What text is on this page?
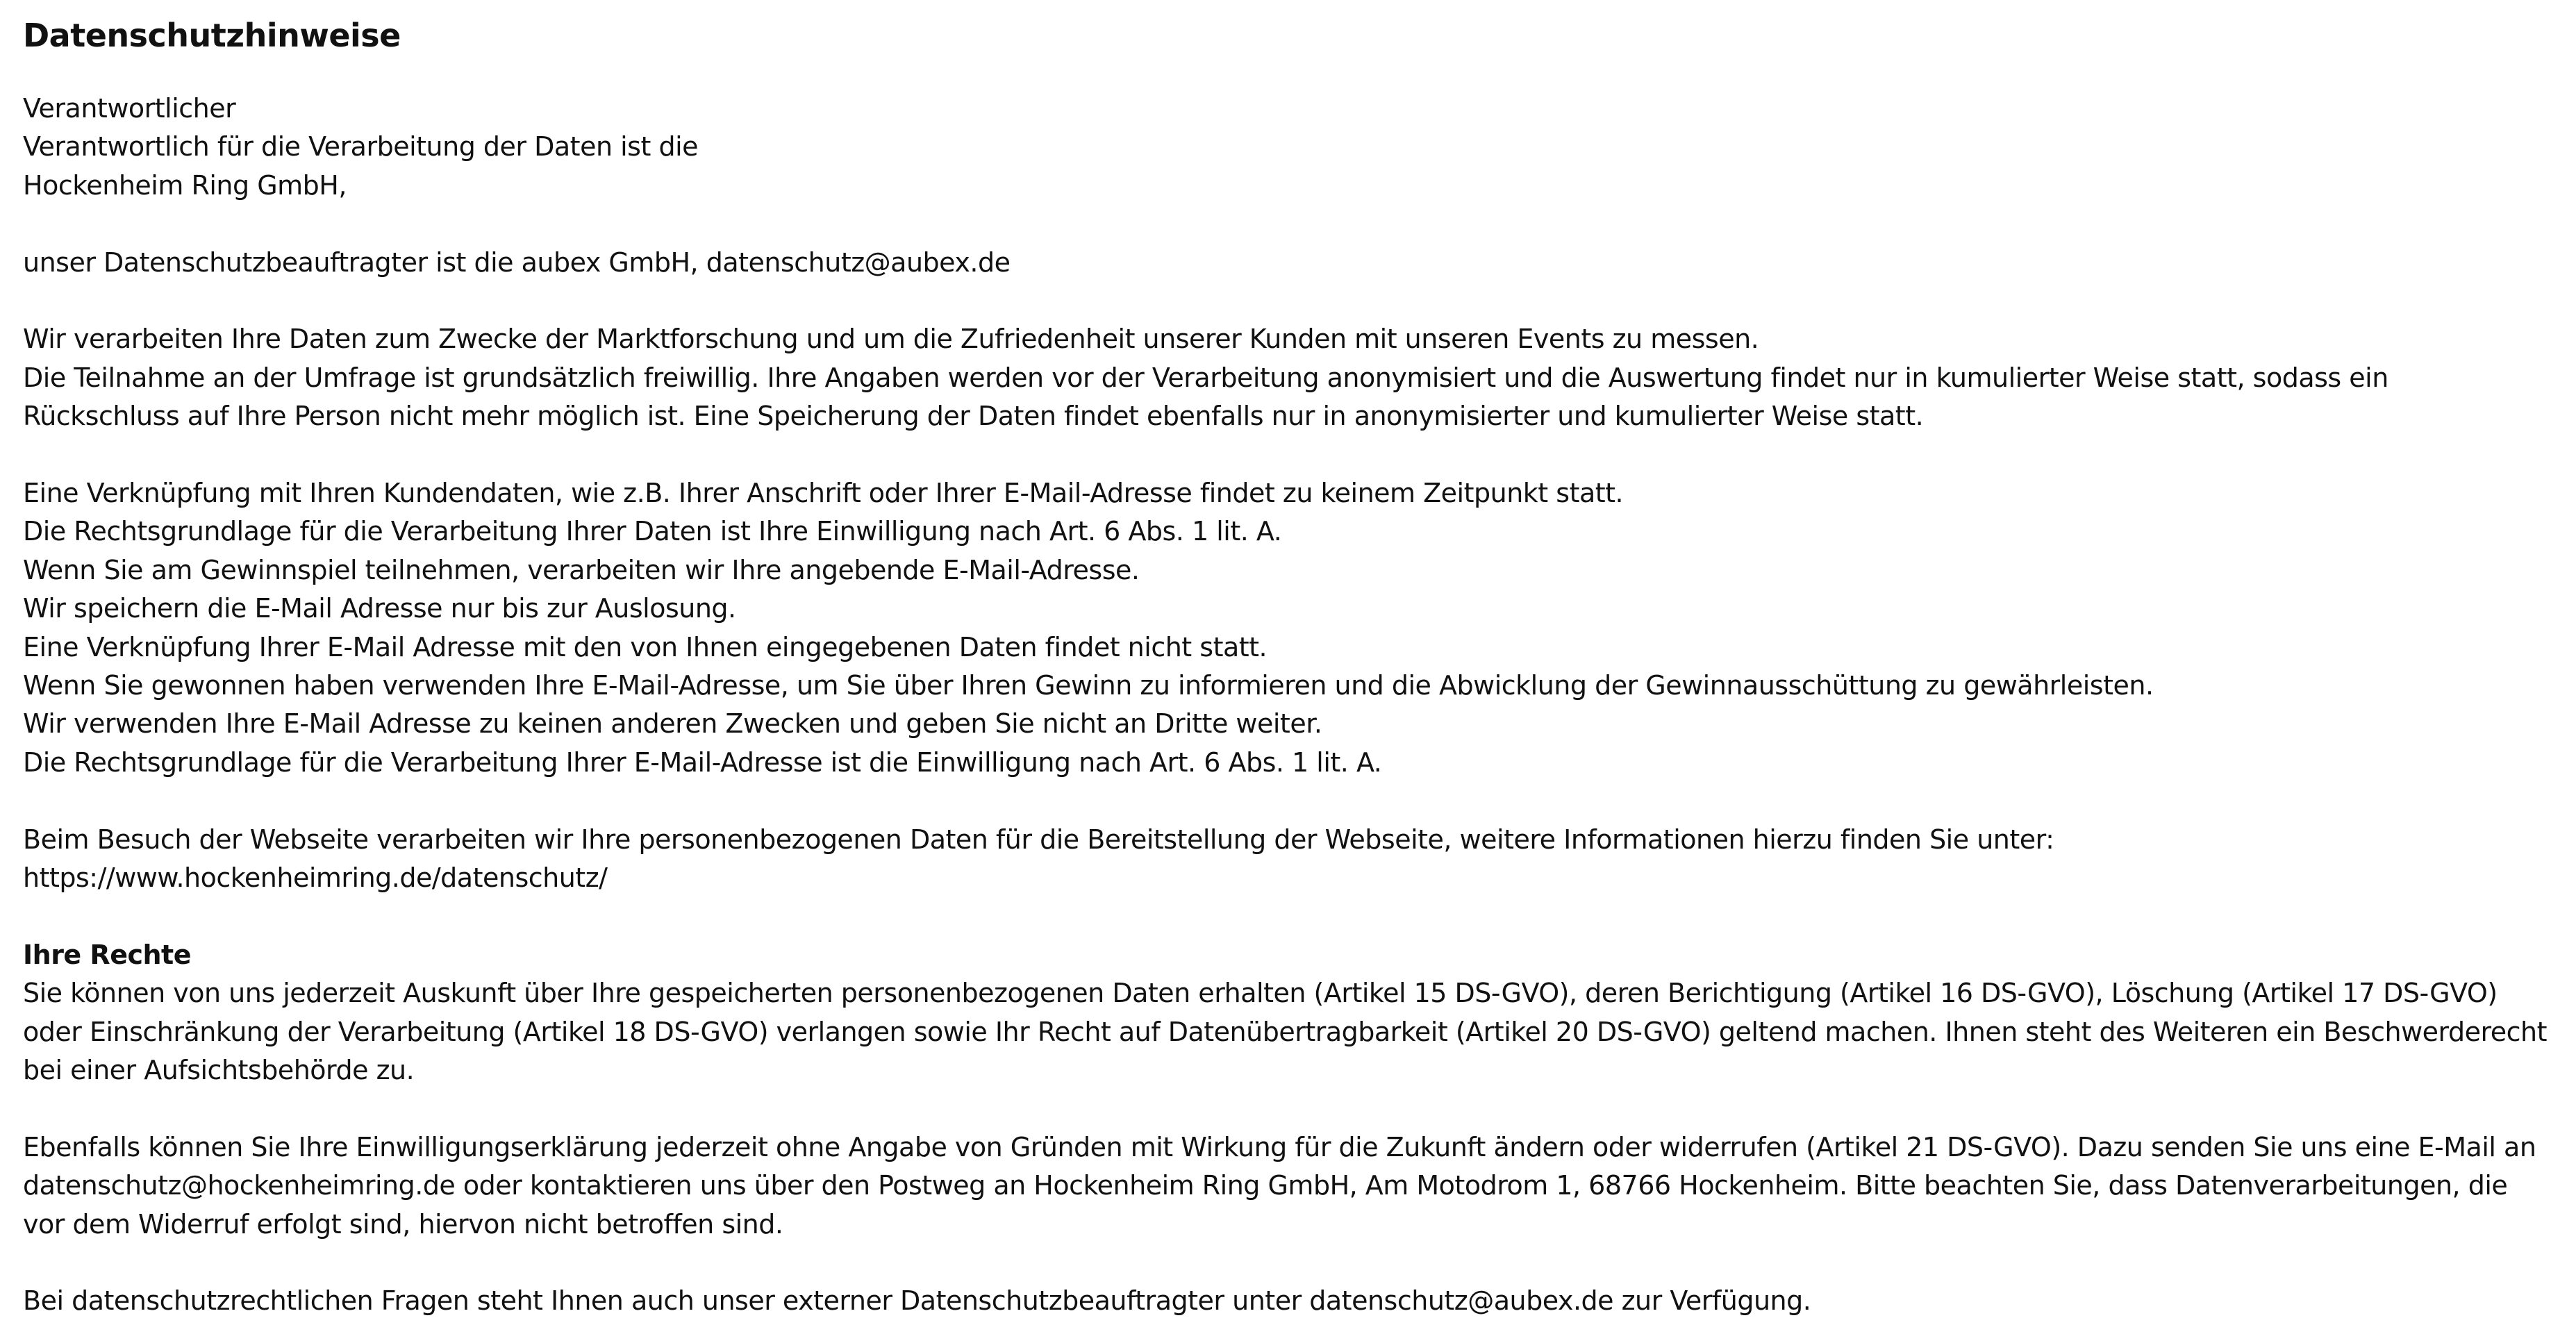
Datenschutzhinweise
Verantwortlicher
Verantwortlich für die Verarbeitung der Daten ist die
Hockenheim Ring GmbH,
unser Datenschutzbeauftragter ist die aubex GmbH, datenschutz@aubex.de
Wir verarbeiten Ihre Daten zum Zwecke der Marktforschung und um die Zufriedenheit unserer Kunden mit unseren Events zu messen.
Die Teilnahme an der Umfrage ist grundsätzlich freiwillig. Ihre Angaben werden vor der Verarbeitung anonymisiert und die Auswertung findet nur in kumulierter Weise statt, sodass ein
Rückschluss auf Ihre Person nicht mehr möglich ist. Eine Speicherung der Daten findet ebenfalls nur in anonymisierter und kumulierter Weise statt.
Eine Verknüpfung mit Ihren Kundendaten, wie z.B. Ihrer Anschrift oder Ihrer E-Mail-Adresse findet zu keinem Zeitpunkt statt.
Die Rechtsgrundlage für die Verarbeitung Ihrer Daten ist Ihre Einwilligung nach Art. 6 Abs. 1 lit. A.
Wenn Sie am Gewinnspiel teilnehmen, verarbeiten wir Ihre angebende E-Mail-Adresse.
Wir speichern die E-Mail Adresse nur bis zur Auslosung.
Eine Verknüpfung Ihrer E-Mail Adresse mit den von Ihnen eingegebenen Daten findet nicht statt.
Wenn Sie gewonnen haben verwenden Ihre E-Mail-Adresse, um Sie über Ihren Gewinn zu informieren und die Abwicklung der Gewinnausschüttung zu gewährleisten.
Wir verwenden Ihre E-Mail Adresse zu keinen anderen Zwecken und geben Sie nicht an Dritte weiter.
Die Rechtsgrundlage für die Verarbeitung Ihrer E-Mail-Adresse ist die Einwilligung nach Art. 6 Abs. 1 lit. A.
Beim Besuch der Webseite verarbeiten wir Ihre personenbezogenen Daten für die Bereitstellung der Webseite, weitere Informationen hierzu finden Sie unter:
https://www.hockenheimring.de/datenschutz/
Ihre Rechte
Sie können von uns jederzeit Auskunft über Ihre gespeicherten personenbezogenen Daten erhalten (Artikel 15 DS-GVO), deren Berichtigung (Artikel 16 DS-GVO), Löschung (Artikel 17 DS-GVO)
oder Einschränkung der Verarbeitung (Artikel 18 DS-GVO) verlangen sowie Ihr Recht auf Datenübertragbarkeit (Artikel 20 DS-GVO) geltend machen. Ihnen steht des Weiteren ein Beschwerderecht
bei einer Aufsichtsbehörde zu.
Ebenfalls können Sie Ihre Einwilligungserklärung jederzeit ohne Angabe von Gründen mit Wirkung für die Zukunft ändern oder widerrufen (Artikel 21 DS-GVO). Dazu senden Sie uns eine E-Mail an
datenschutz@hockenheimring.de oder kontaktieren uns über den Postweg an Hockenheim Ring GmbH, Am Motodrom 1, 68766 Hockenheim. Bitte beachten Sie, dass Datenverarbeitungen, die
vor dem Widerruf erfolgt sind, hiervon nicht betroffen sind.
Bei datenschutzrechtlichen Fragen steht Ihnen auch unser externer Datenschutzbeauftragter unter datenschutz@aubex.de zur Verfügung.
